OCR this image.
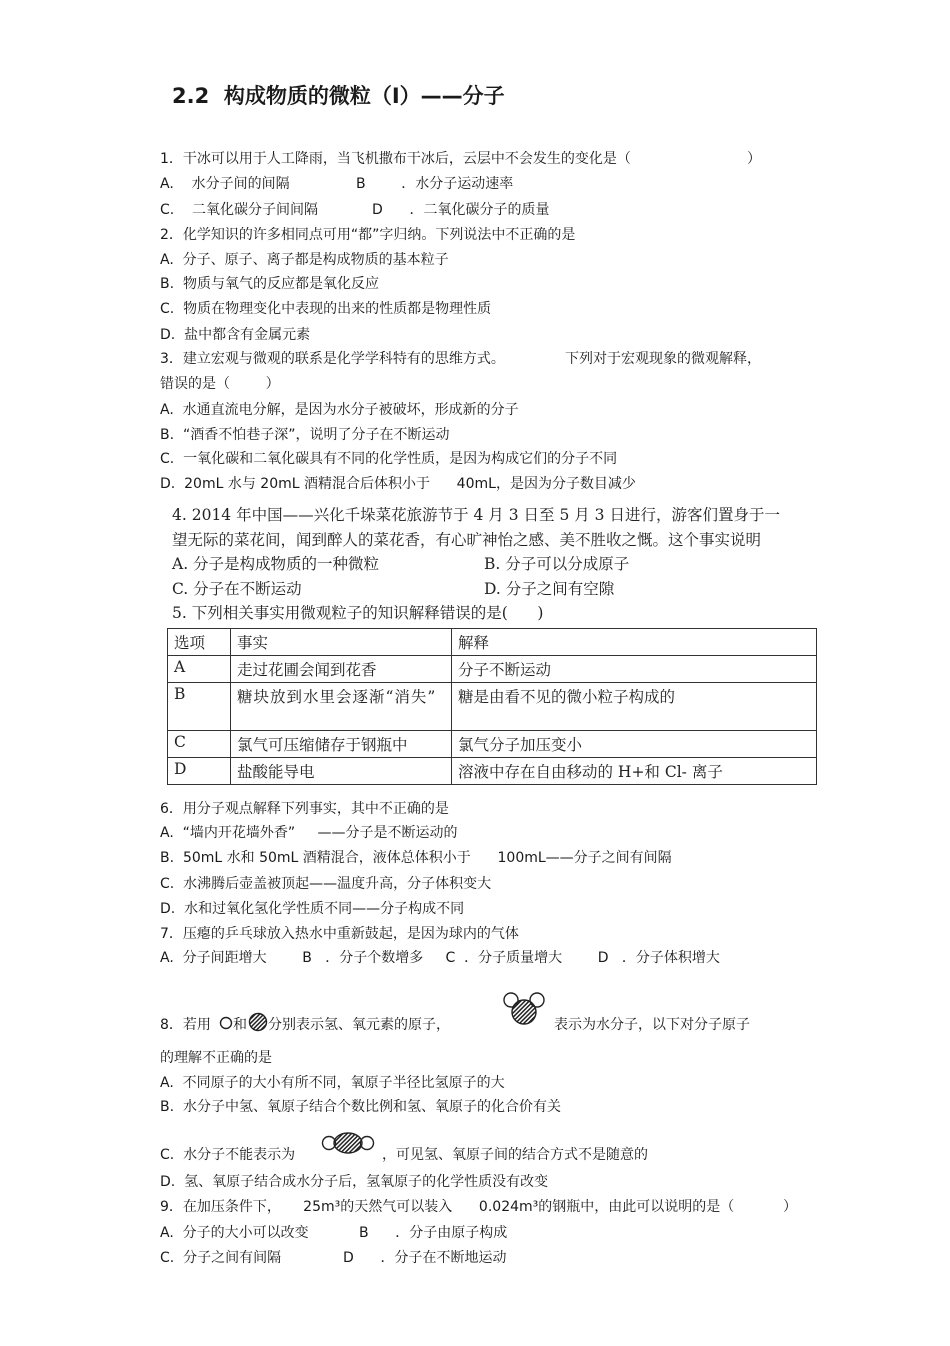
2.2  构成物质的微粒（Ⅰ）——分子
1．干冰可以用于人工降雨，当飞机撒布干冰后，云层中不会发生的变化是（	）
A.    水分子间的间隔	B        ．水分子运动速率
C.    二氧化碳分子间间隔	D      ．二氧化碳分子的质量
2．化学知识的许多相同点可用“都”字归纳。下列说法中不正确的是
A.  分子、原子、离子都是构成物质的基本粒子
B.  物质与氧气的反应都是氧化反应
C.  物质在物理变化中表现的出来的性质都是物理性质
D.  盐中都含有金属元素
3．建立宏观与微观的联系是化学学科特有的思维方式。	下列对于宏观现象的微观解释，
错误的是（        ）
A.  水通直流电分解，是因为水分子被破坏，形成新的分子
B.  “酒香不怕巷子深”，说明了分子在不断运动
C.  一氧化碳和二氧化碳具有不同的化学性质，是因为构成它们的分子不同
D.  20mL 水与 20mL 酒精混合后体积小于      40mL，是因为分子数目减少
4. 2014 年中国——兴化千垛菜花旅游节于 4 月 3 日至 5 月 3 日进行，游客们置身于一
望无际的菜花间，闻到醉人的菜花香，有心旷神怡之感、美不胜收之慨。这个事实说明
A. 分子是构成物质的一种微粒	B. 分子可以分成原子
C. 分子在不断运动	D. 分子之间有空隙
5. 下列相关事实用微观粒子的知识解释错误的是(      )
选项	事实	解释
A	走过花圃会闻到花香	分子不断运动
B	糖块放到水里会逐渐“消失”	糖是由看不见的微小粒子构成的
C	氯气可压缩储存于钢瓶中	氯气分子加压变小
D	盐酸能导电	溶液中存在自由移动的 H+和 Cl- 离子
6．用分子观点解释下列事实，其中不正确的是
A.  “墙内开花墙外香”     ——分子是不断运动的
B.  50mL 水和 50mL 酒精混合，液体总体积小于      100mL——分子之间有间隔
C.  水沸腾后壶盖被顶起——温度升高，分子体积变大
D.  水和过氧化氢化学性质不同——分子构成不同
7．压瘪的乒乓球放入热水中重新鼓起，是因为球内的气体
A.  分子间距增大        B   ．分子个数增多     C  ．分子质量增大        D   ．分子体积增大
8．若用 和 分别表示氢、氧元素的原子，	表示为水分子，以下对分子原子
的理解不正确的是
A.  不同原子的大小有所不同，氧原子半径比氢原子的大
B.  水分子中氢、氧原子结合个数比例和氢、氧原子的化合价有关
C.  水分子不能表示为	，可见氢、氧原子间的结合方式不是随意的
D.  氢、氧原子结合成水分子后，氢氧原子的化学性质没有改变
9．在加压条件下，     25m³的天然气可以装入      0.024m³的钢瓶中，由此可以说明的是（	）
A.  分子的大小可以改变	B      ．分子由原子构成
C.  分子之间有间隔	D      ．分子在不断地运动
